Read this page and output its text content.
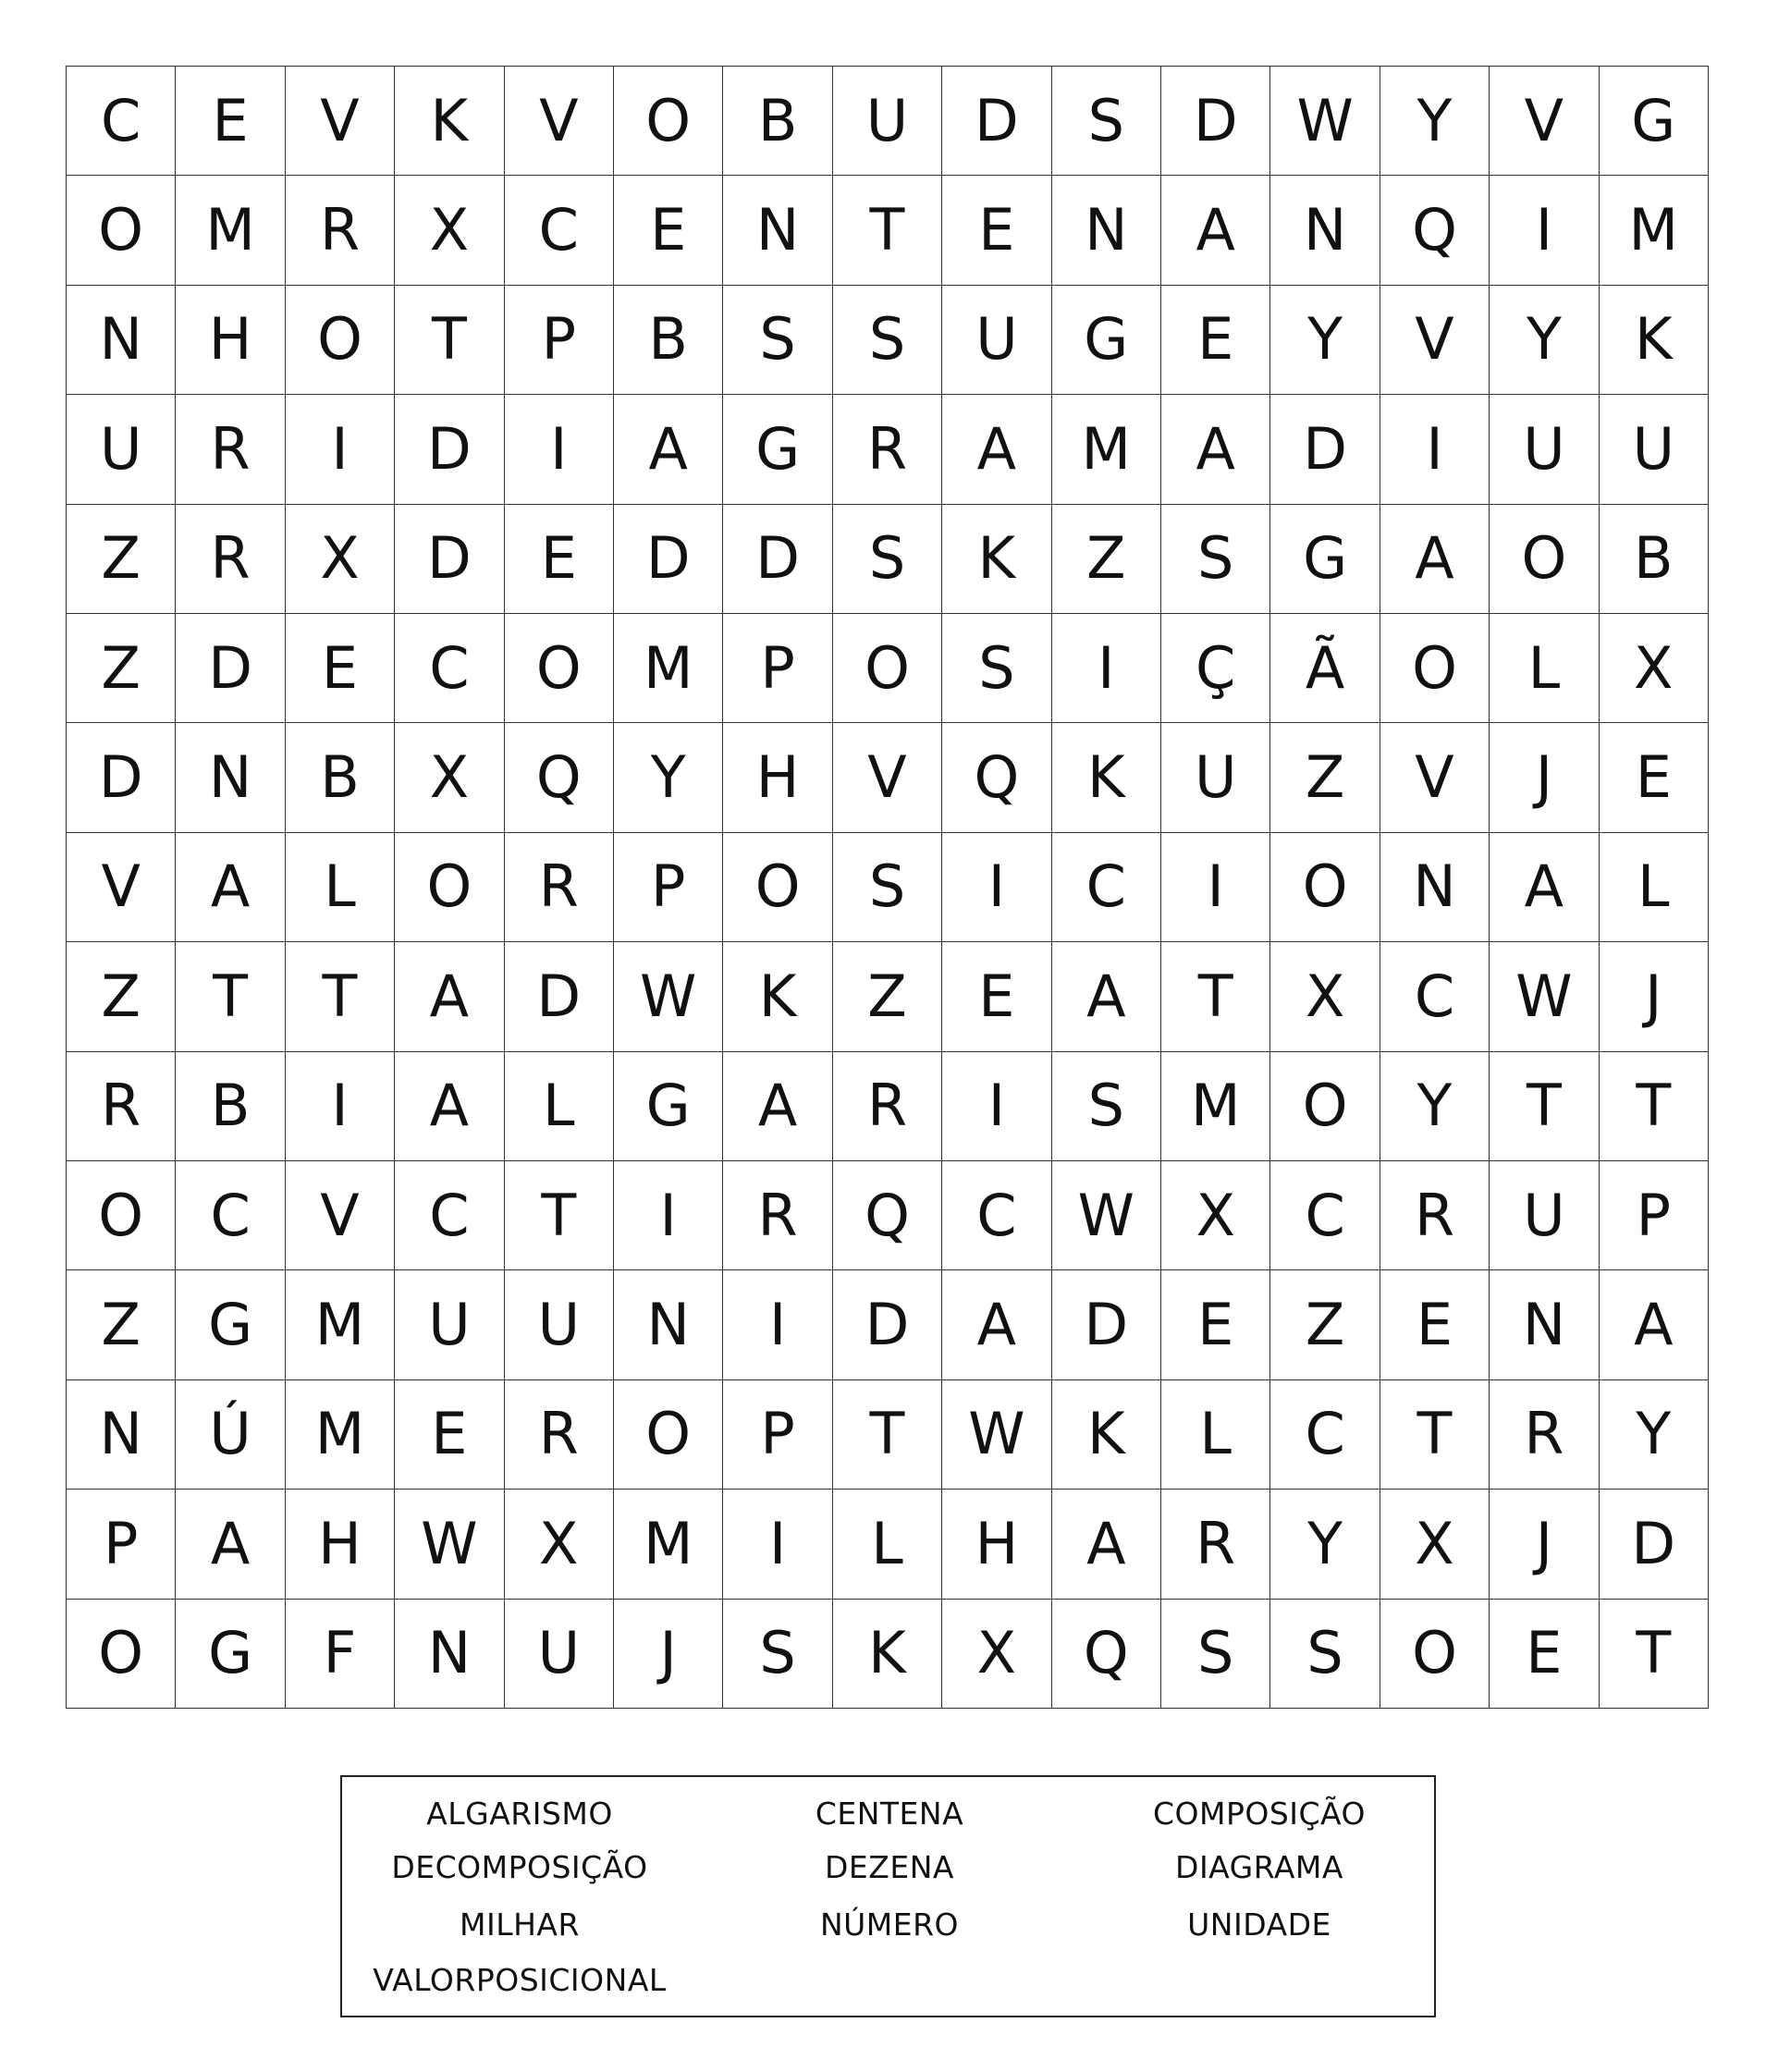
C	E	V	K	V	O	B	U	D	S	D	W	Y	V	G
O	M	R	X	C	E	N	T	E	N	A	N	Q	I	M
N	H	O	T	P	B	S	S	U	G	E	Y	V	Y	K
U	R	I	D	I	A	G	R	A	M	A	D	I	U	U
Z	R	X	D	E	D	D	S	K	Z	S	G	A	O	B
Z	D	E	C	O	M	P	O	S	I	Ç	Ã	O	L	X
D	N	B	X	Q	Y	H	V	Q	K	U	Z	V	J	E
V	A	L	O	R	P	O	S	I	C	I	O	N	A	L
Z	T	T	A	D	W	K	Z	E	A	T	X	C	W	J
R	B	I	A	L	G	A	R	I	S	M	O	Y	T	T
O	C	V	C	T	I	R	Q	C	W	X	C	R	U	P
Z	G	M	U	U	N	I	D	A	D	E	Z	E	N	A
N	Ú	M	E	R	O	P	T	W	K	L	C	T	R	Y
P	A	H	W	X	M	I	L	H	A	R	Y	X	J	D
O	G	F	N	U	J	S	K	X	Q	S	S	O	E	T
ALGARISMO	CENTENA	COMPOSIÇÃO
DECOMPOSIÇÃO	DEZENA	DIAGRAMA
MILHAR	NÚMERO	UNIDADE
VALORPOSICIONAL
